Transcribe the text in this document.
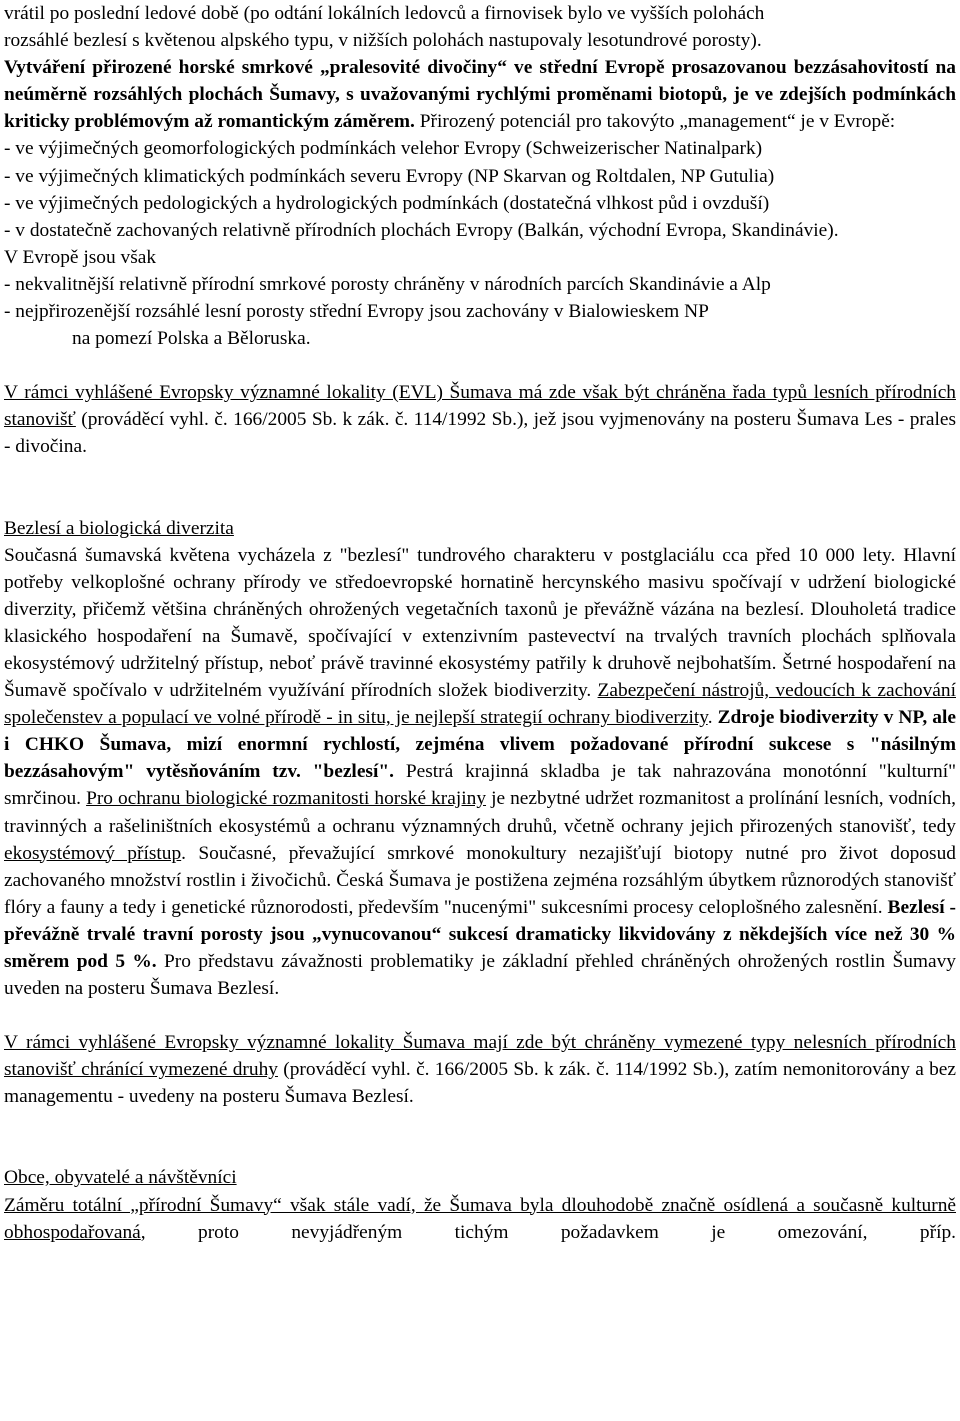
vrátil po poslední ledové době (po odtání lokálních ledovců a firnovisek bylo ve vyšších polohách
rozsáhlé bezlesí s květenou alpského typu, v nižších polohách nastupovaly lesotundrové porosty).
Vytváření přirozené horské smrkové „pralesovité divočiny“ ve střední Evropě prosazovanou bezzásahovitostí na neúměrně rozsáhlých plochách Šumavy, s uvažovanými rychlými proměnami biotopů, je ve zdejších podmínkách kriticky problémovým až romantickým záměrem. Přirozený potenciál pro takovýto „management“ je v Evropě:

- ve výjimečných geomorfologických podmínkách velehor Evropy (Schweizerischer Natinalpark)

- ve výjimečných klimatických podmínkách severu Evropy (NP Skarvan og Roltdalen, NP Gutulia)

- ve výjimečných pedologických a hydrologických podmínkách (dostatečná vlhkost půd i ovzduší)

- v dostatečně zachovaných relativně přírodních plochách Evropy (Balkán, východní Evropa, Skandinávie).

V Evropě jsou však

- nekvalitnější relativně přírodní smrkové porosty chráněny v národních parcích Skandinávie a Alp

- nejpřirozenější rozsáhlé lesní porosty střední Evropy jsou zachovány v Bialowieskem NP

na pomezí Polska a Běloruska.

V rámci vyhlášené Evropsky významné lokality (EVL) Šumava má zde však být chráněna řada typů lesních přírodních stanovišť (prováděcí vyhl. č. 166/2005 Sb. k zák. č. 114/1992 Sb.), jež jsou vyjmenovány na posteru Šumava Les - prales - divočina.

Bezlesí a biologická diverzita

Současná šumavská květena vycházela z "bezlesí" tundrového charakteru v postglaciálu cca před 10 000 lety. Hlavní potřeby velkoplošné ochrany přírody ve středoevropské hornatině hercynského masivu spočívají v udržení biologické diverzity, přičemž většina chráněných ohrožených vegetačních taxonů je převážně vázána na bezlesí. Dlouholetá tradice klasického hospodaření na Šumavě, spočívající v extenzivním pastevectví na trvalých travních plochách splňovala ekosystémový udržitelný přístup, neboť právě travinné ekosystémy patřily k druhově nejbohatším. Šetrné hospodaření na Šumavě spočívalo v udržitelném využívání přírodních složek biodiverzity. Zabezpečení nástrojů, vedoucích k zachování společenstev a populací ve volné přírodě - in situ, je nejlepší strategií ochrany biodiverzity. Zdroje biodiverzity v NP, ale i CHKO Šumava, mizí enormní rychlostí, zejména vlivem požadované přírodní sukcese s "násilným bezzásahovým" vytěsňováním tzv. "bezlesí". Pestrá krajinná skladba je tak nahrazována monotónní "kulturní" smrčinou. Pro ochranu biologické rozmanitosti horské krajiny je nezbytné udržet rozmanitost a prolínání lesních, vodních, travinných a rašeliništních ekosystémů a ochranu významných druhů, včetně ochrany jejich přirozených stanovišť, tedy ekosystémový přístup. Současné, převažující smrkové monokultury nezajišťují biotopy nutné pro život doposud zachovaného množství rostlin i živočichů. Česká Šumava je postižena zejména rozsáhlým úbytkem různorodých stanovišť flóry a fauny a tedy i genetické různorodosti, především "nucenými" sukcesními procesy celoplošného zalesnění. Bezlesí - převážně trvalé travní porosty jsou „vynucovanou“ sukcesí dramaticky likvidovány z někdejších více než 30 % směrem pod 5 %. Pro představu závažnosti problematiky je základní přehled chráněných ohrožených rostlin Šumavy uveden na posteru Šumava Bezlesí.

V rámci vyhlášené Evropsky významné lokality Šumava mají zde být chráněny vymezené typy nelesních přírodních stanovišť chránící vymezené druhy (prováděcí vyhl. č. 166/2005 Sb. k zák. č. 114/1992 Sb.), zatím nemonitorovány a bez managementu - uvedeny na posteru Šumava Bezlesí.

Obce, obyvatelé a návštěvníci

Záměru totální „přírodní Šumavy“ však stále vadí, že Šumava byla dlouhodobě značně osídlená a současně kulturně obhospodařovaná, proto nevyjádřeným tichým požadavkem je omezování, příp.
